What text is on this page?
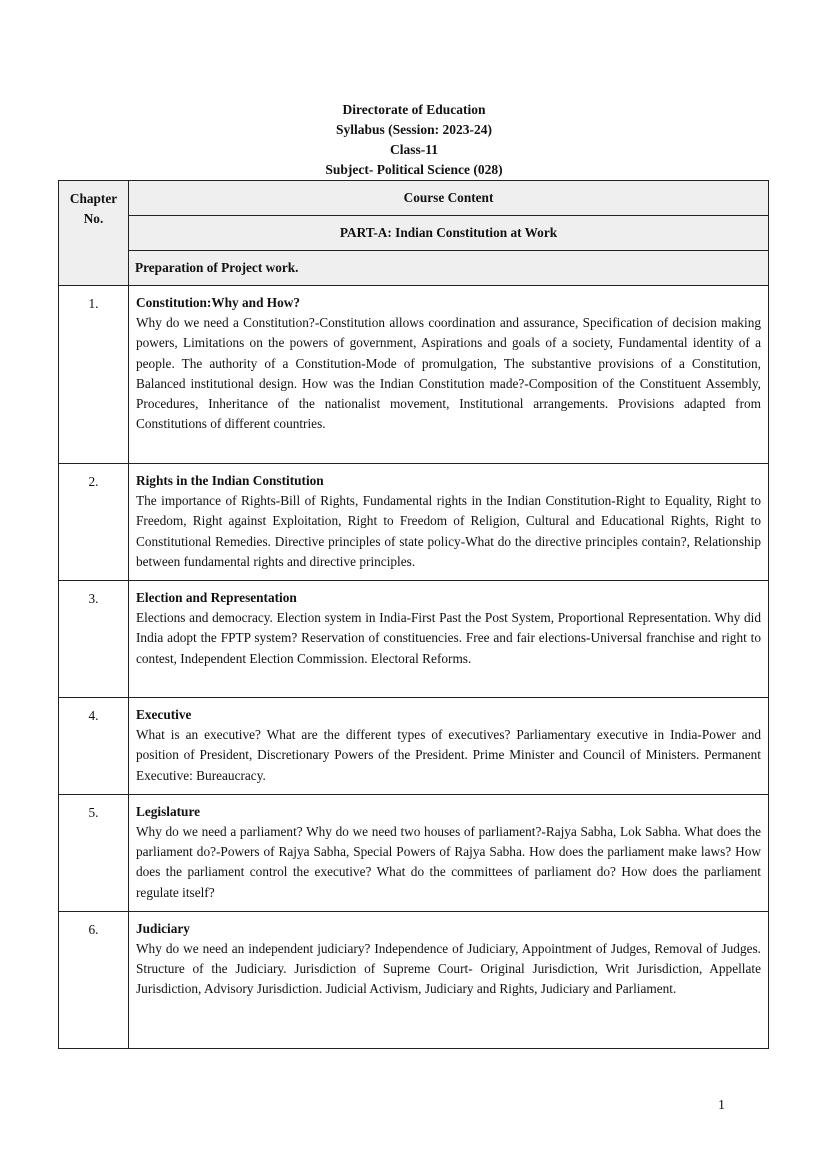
Directorate of Education
Syllabus (Session: 2023-24)
Class-11
Subject- Political Science (028)
Chapter No.	Course Content
	PART-A: Indian Constitution at Work
	Preparation of Project work.
1.	Constitution:Why and How?
Why do we need a Constitution?-Constitution allows coordination and assurance, Specification of decision making powers, Limitations on the powers of government, Aspirations and goals of a society, Fundamental identity of a people. The authority of a Constitution-Mode of promulgation, The substantive provisions of a Constitution, Balanced institutional design. How was the Indian Constitution made?-Composition of the Constituent Assembly, Procedures, Inheritance of the nationalist movement, Institutional arrangements. Provisions adapted from Constitutions of different countries.

2.	Rights in the Indian Constitution
The importance of Rights-Bill of Rights, Fundamental rights in the Indian Constitution-Right to Equality, Right to Freedom, Right against Exploitation, Right to Freedom of Religion, Cultural and Educational Rights, Right to Constitutional Remedies. Directive principles of state policy-What do the directive principles contain?, Relationship between fundamental rights and directive principles.

3.	Election and Representation
Elections and democracy. Election system in India-First Past the Post System, Proportional Representation. Why did India adopt the FPTP system? Reservation of constituencies. Free and fair elections-Universal franchise and right to contest, Independent Election Commission. Electoral Reforms.

4.	Executive
What is an executive? What are the different types of executives? Parliamentary executive in India-Power and position of President, Discretionary Powers of the President. Prime Minister and Council of Ministers. Permanent Executive: Bureaucracy.

5.	Legislature
Why do we need a parliament? Why do we need two houses of parliament?-Rajya Sabha, Lok Sabha. What does the parliament do?-Powers of Rajya Sabha, Special Powers of Rajya Sabha. How does the parliament make laws? How does the parliament control the executive? What do the committees of parliament do? How does the parliament regulate itself?

6.	Judiciary
Why do we need an independent judiciary? Independence of Judiciary, Appointment of Judges, Removal of Judges. Structure of the Judiciary. Jurisdiction of Supreme Court- Original Jurisdiction, Writ Jurisdiction, Appellate Jurisdiction, Advisory Jurisdiction. Judicial Activism, Judiciary and Rights, Judiciary and Parliament.
1
